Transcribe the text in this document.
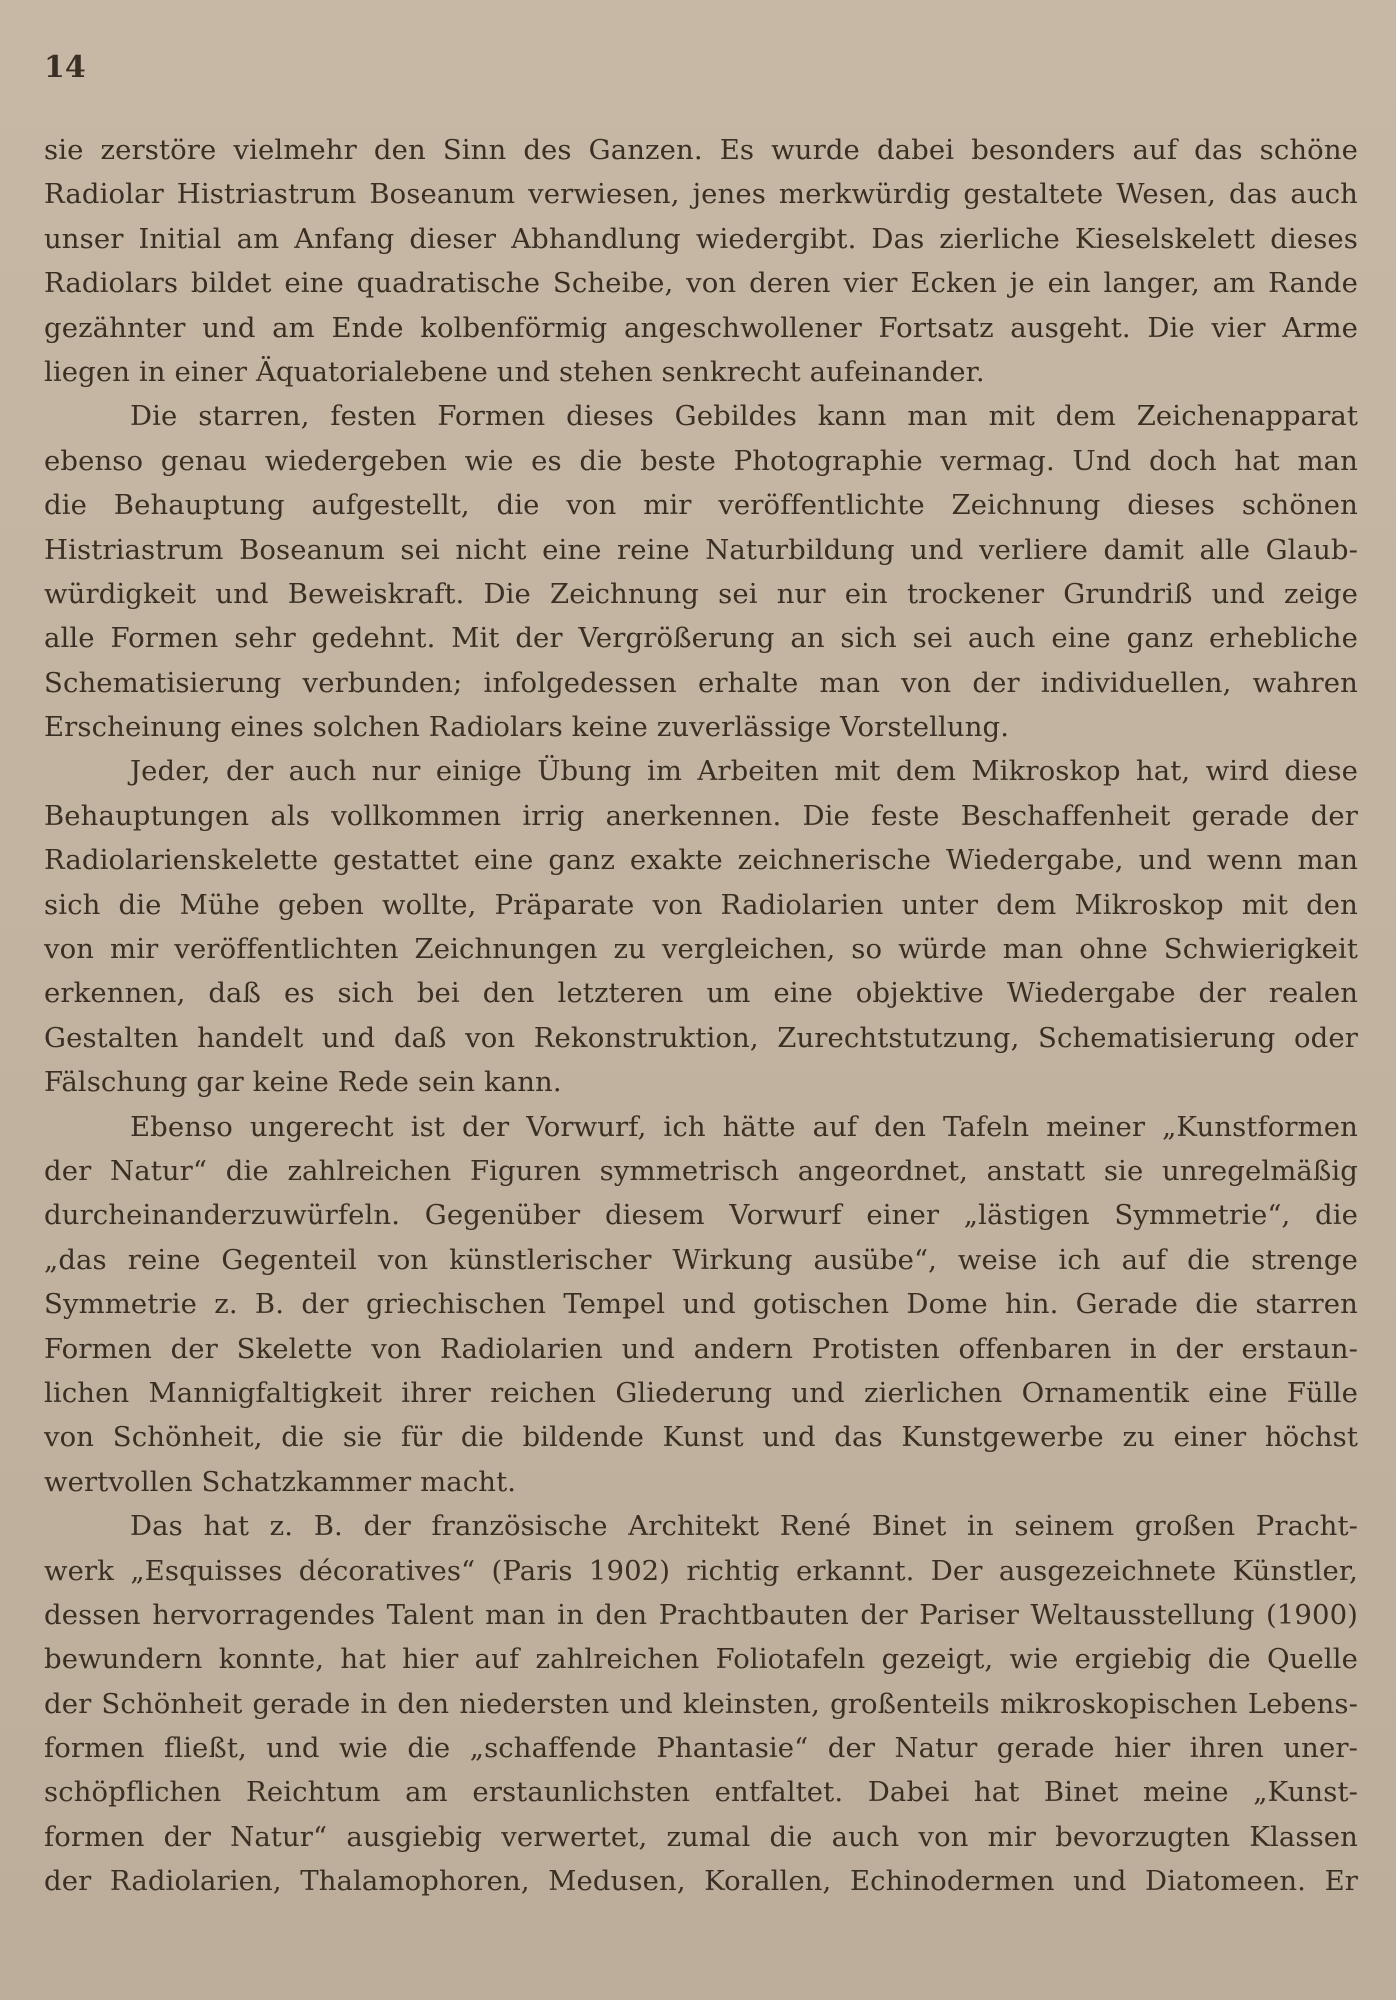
14
sie zerstöre vielmehr den Sinn des Ganzen. Es wurde dabei besonders auf das schöne
Radiolar Histriastrum Boseanum verwiesen, jenes merkwürdig gestaltete Wesen, das auch
unser Initial am Anfang dieser Abhandlung wiedergibt. Das zierliche Kieselskelett dieses
Radiolars bildet eine quadratische Scheibe, von deren vier Ecken je ein langer, am Rande
gezähnter und am Ende kolbenförmig angeschwollener Fortsatz ausgeht. Die vier Arme
liegen in einer Äquatorialebene und stehen senkrecht aufeinander.
Die starren, festen Formen dieses Gebildes kann man mit dem Zeichenapparat
ebenso genau wiedergeben wie es die beste Photographie vermag. Und doch hat man
die Behauptung aufgestellt, die von mir veröffentlichte Zeichnung dieses schönen
Histriastrum Boseanum sei nicht eine reine Naturbildung und verliere damit alle Glaub-
würdigkeit und Beweiskraft. Die Zeichnung sei nur ein trockener Grundriß und zeige
alle Formen sehr gedehnt. Mit der Vergrößerung an sich sei auch eine ganz erhebliche
Schematisierung verbunden; infolgedessen erhalte man von der individuellen, wahren
Erscheinung eines solchen Radiolars keine zuverlässige Vorstellung.
Jeder, der auch nur einige Übung im Arbeiten mit dem Mikroskop hat, wird diese
Behauptungen als vollkommen irrig anerkennen. Die feste Beschaffenheit gerade der
Radiolarienskelette gestattet eine ganz exakte zeichnerische Wiedergabe, und wenn man
sich die Mühe geben wollte, Präparate von Radiolarien unter dem Mikroskop mit den
von mir veröffentlichten Zeichnungen zu vergleichen, so würde man ohne Schwierigkeit
erkennen, daß es sich bei den letzteren um eine objektive Wiedergabe der realen
Gestalten handelt und daß von Rekonstruktion, Zurechtstutzung, Schematisierung oder
Fälschung gar keine Rede sein kann.
Ebenso ungerecht ist der Vorwurf, ich hätte auf den Tafeln meiner „Kunstformen
der Natur“ die zahlreichen Figuren symmetrisch angeordnet, anstatt sie unregelmäßig
durcheinanderzuwürfeln. Gegenüber diesem Vorwurf einer „lästigen Symmetrie“, die
„das reine Gegenteil von künstlerischer Wirkung ausübe“, weise ich auf die strenge
Symmetrie z. B. der griechischen Tempel und gotischen Dome hin. Gerade die starren
Formen der Skelette von Radiolarien und andern Protisten offenbaren in der erstaun-
lichen Mannigfaltigkeit ihrer reichen Gliederung und zierlichen Ornamentik eine Fülle
von Schönheit, die sie für die bildende Kunst und das Kunstgewerbe zu einer höchst
wertvollen Schatzkammer macht.
Das hat z. B. der französische Architekt René Binet in seinem großen Pracht-
werk „Esquisses décoratives“ (Paris 1902) richtig erkannt. Der ausgezeichnete Künstler,
dessen hervorragendes Talent man in den Prachtbauten der Pariser Weltausstellung (1900)
bewundern konnte, hat hier auf zahlreichen Foliotafeln gezeigt, wie ergiebig die Quelle
der Schönheit gerade in den niedersten und kleinsten, großenteils mikroskopischen Lebens-
formen fließt, und wie die „schaffende Phantasie“ der Natur gerade hier ihren uner-
schöpflichen Reichtum am erstaunlichsten entfaltet. Dabei hat Binet meine „Kunst-
formen der Natur“ ausgiebig verwertet, zumal die auch von mir bevorzugten Klassen
der Radiolarien, Thalamophoren, Medusen, Korallen, Echinodermen und Diatomeen. Er
